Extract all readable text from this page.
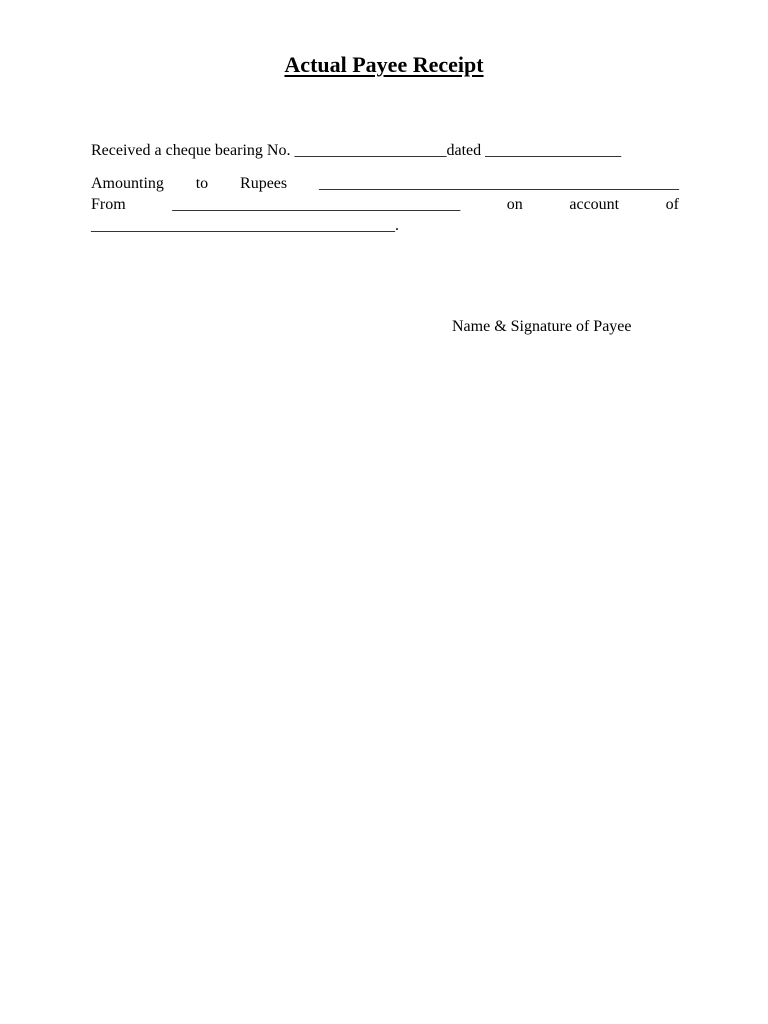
Actual Payee Receipt
Received a cheque bearing No. ___________________dated _________________
Amounting to Rupees _____________________________________________
From	____________________________________	on	account	of
______________________________________.
Name & Signature of Payee
